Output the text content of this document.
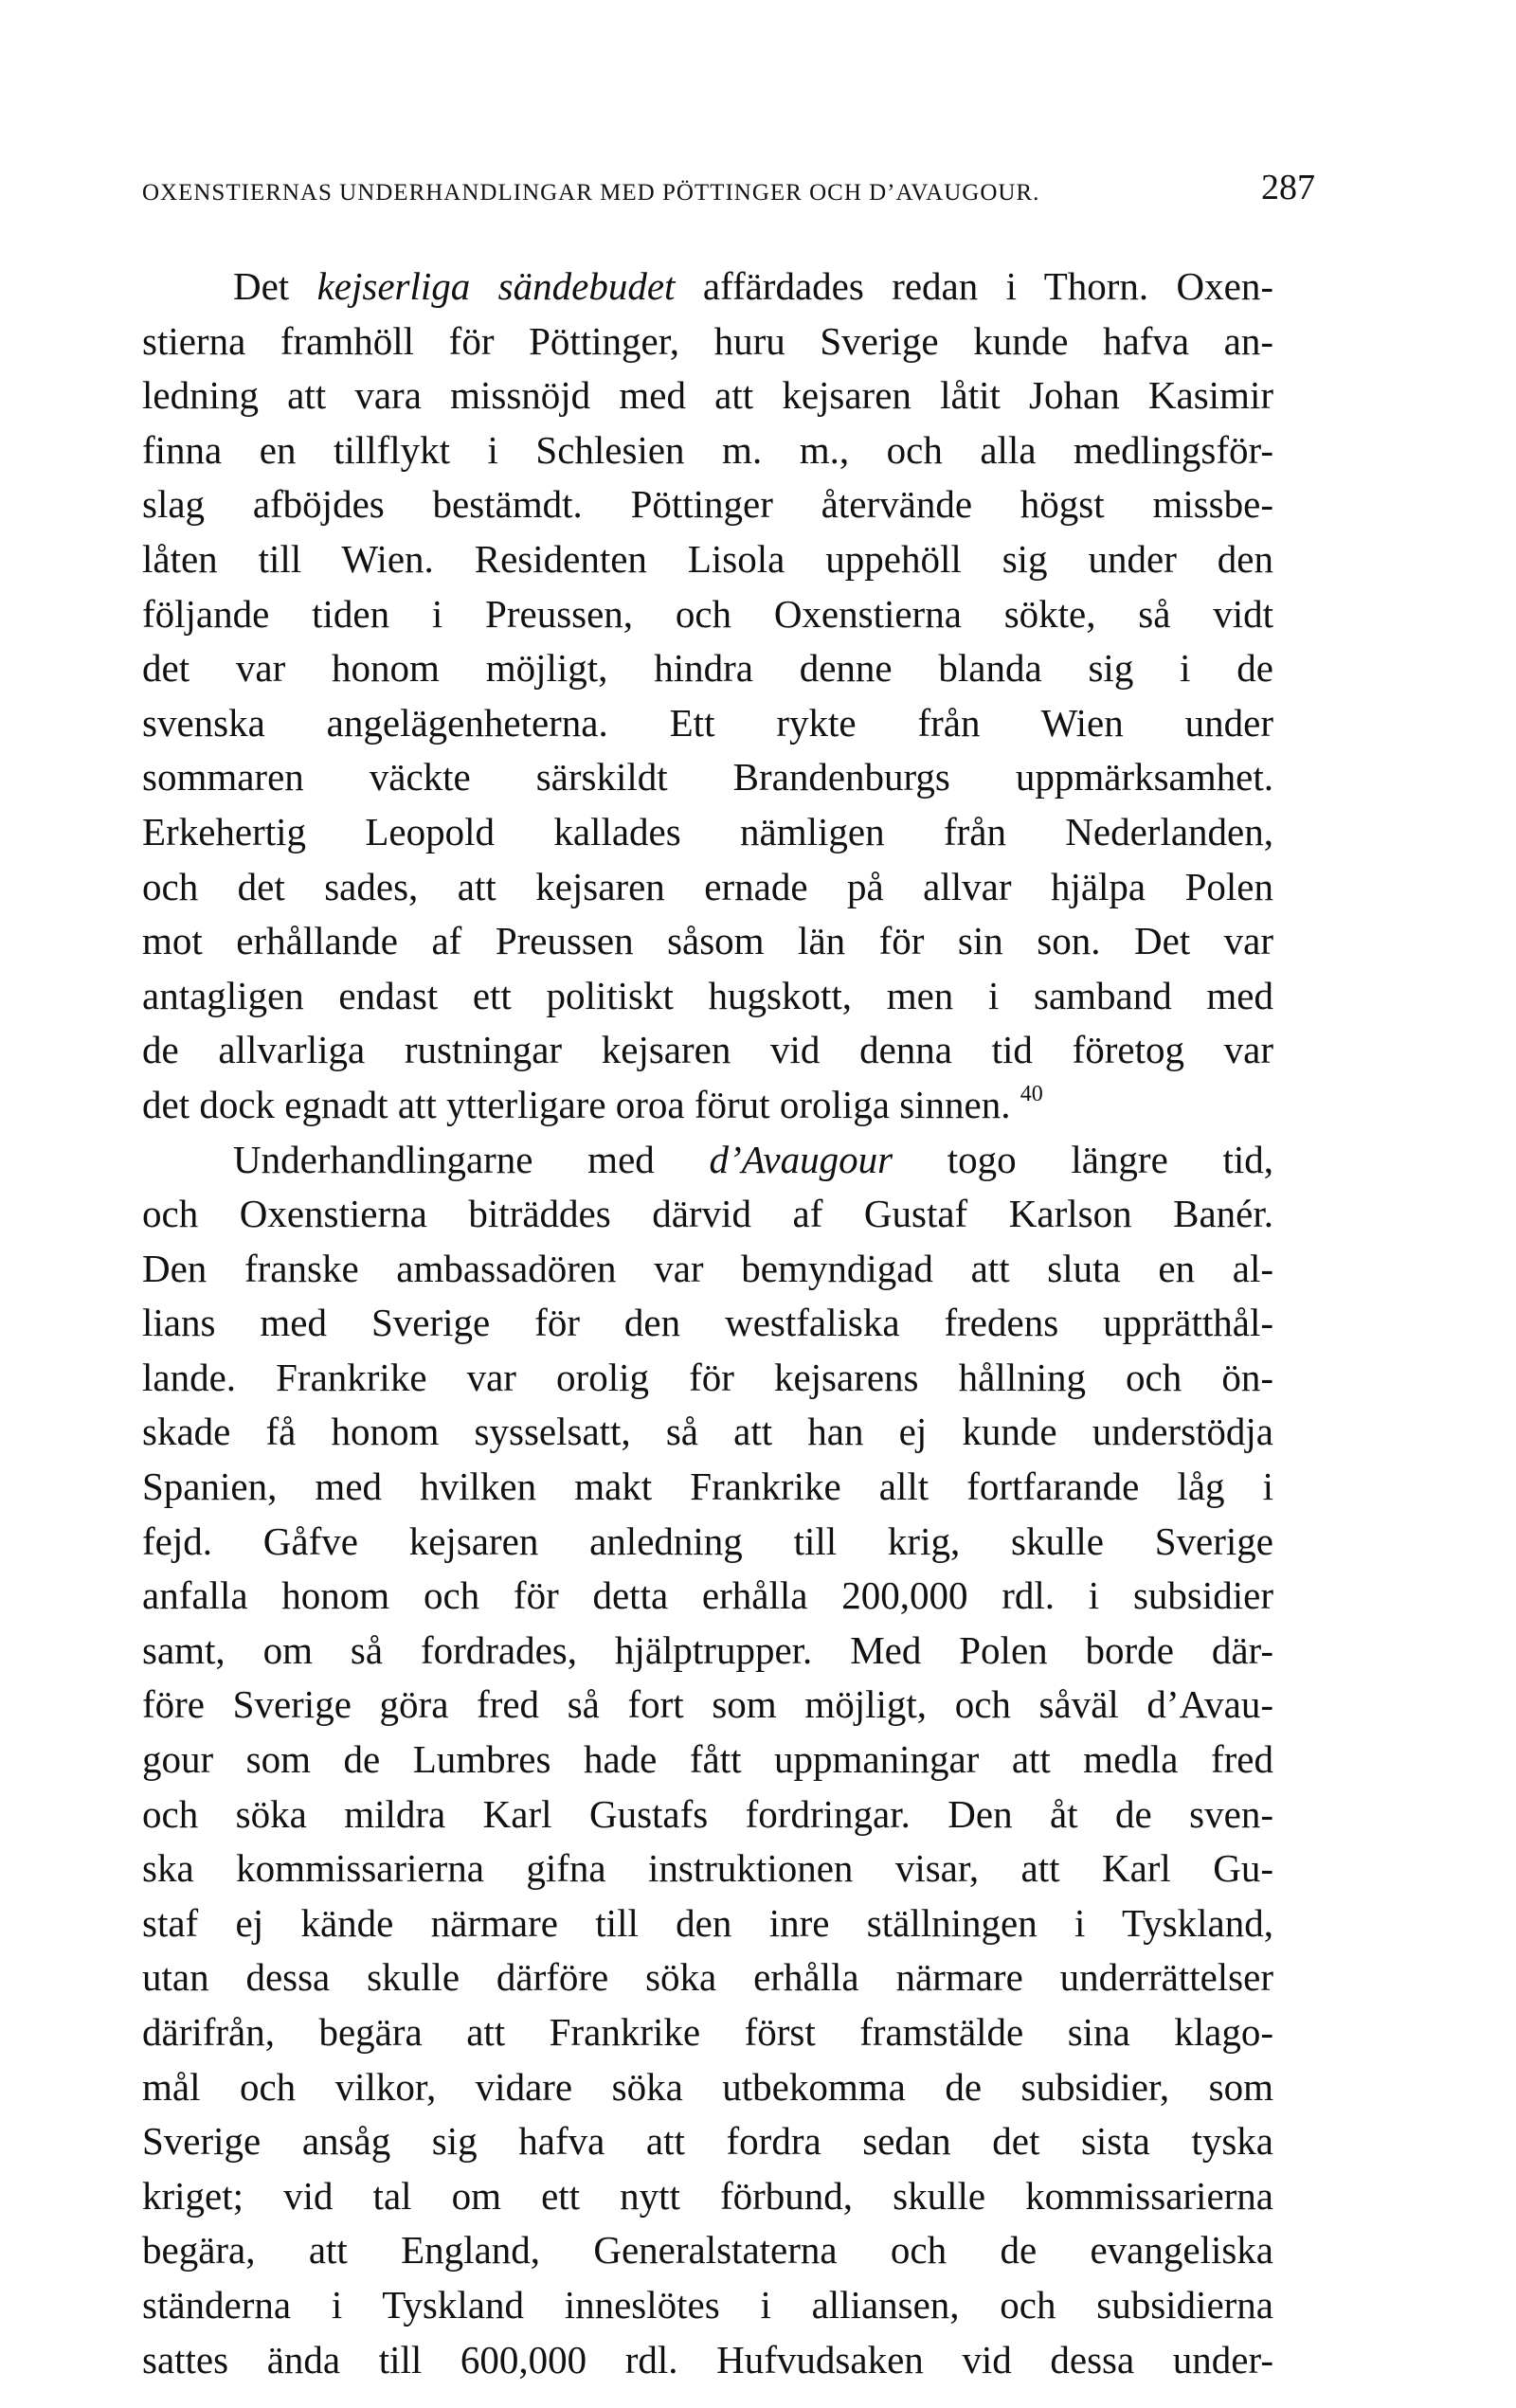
OXENSTIERNAS UNDERHANDLINGAR MED PÖTTINGER OCH D’AVAUGOUR.	287
Det kejserliga sändebudet affärdades redan i Thorn. Oxen-
stierna framhöll för Pöttinger, huru Sverige kunde hafva an-
ledning att vara missnöjd med att kejsaren låtit Johan Kasimir
finna en tillflykt i Schlesien m. m., och alla medlingsför-
slag afböjdes bestämdt. Pöttinger återvände högst missbe-
låten till Wien. Residenten Lisola uppehöll sig under den
följande tiden i Preussen, och Oxenstierna sökte, så vidt
det var honom möjligt, hindra denne blanda sig i de
svenska angelägenheterna. Ett rykte från Wien under
sommaren väckte särskildt Brandenburgs uppmärksamhet.
Erkehertig Leopold kallades nämligen från Nederlanden,
och det sades, att kejsaren ernade på allvar hjälpa Polen
mot erhållande af Preussen såsom län för sin son. Det var
antagligen endast ett politiskt hugskott, men i samband med
de allvarliga rustningar kejsaren vid denna tid företog var
det dock egnadt att ytterligare oroa förut oroliga sinnen. $^{40}$
Underhandlingarne med d’Avaugour togo längre tid,
och Oxenstierna biträddes därvid af Gustaf Karlson Banér.
Den franske ambassadören var bemyndigad att sluta en al-
lians med Sverige för den westfaliska fredens upprätthål-
lande. Frankrike var orolig för kejsarens hållning och ön-
skade få honom sysselsatt, så att han ej kunde understödja
Spanien, med hvilken makt Frankrike allt fortfarande låg i
fejd. Gåfve kejsaren anledning till krig, skulle Sverige
anfalla honom och för detta erhålla 200,000 rdl. i subsidier
samt, om så fordrades, hjälptrupper. Med Polen borde där-
före Sverige göra fred så fort som möjligt, och såväl d’Avau-
gour som de Lumbres hade fått uppmaningar att medla fred
och söka mildra Karl Gustafs fordringar. Den åt de sven-
ska kommissarierna gifna instruktionen visar, att Karl Gu-
staf ej kände närmare till den inre ställningen i Tyskland,
utan dessa skulle därföre söka erhålla närmare underrättelser
därifrån, begära att Frankrike först framstälde sina klago-
mål och vilkor, vidare söka utbekomma de subsidier, som
Sverige ansåg sig hafva att fordra sedan det sista tyska
kriget; vid tal om ett nytt förbund, skulle kommissarierna
begära, att England, Generalstaterna och de evangeliska
ständerna i Tyskland inneslötes i alliansen, och subsidierna
sattes ända till 600,000 rdl. Hufvudsaken vid dessa under-
